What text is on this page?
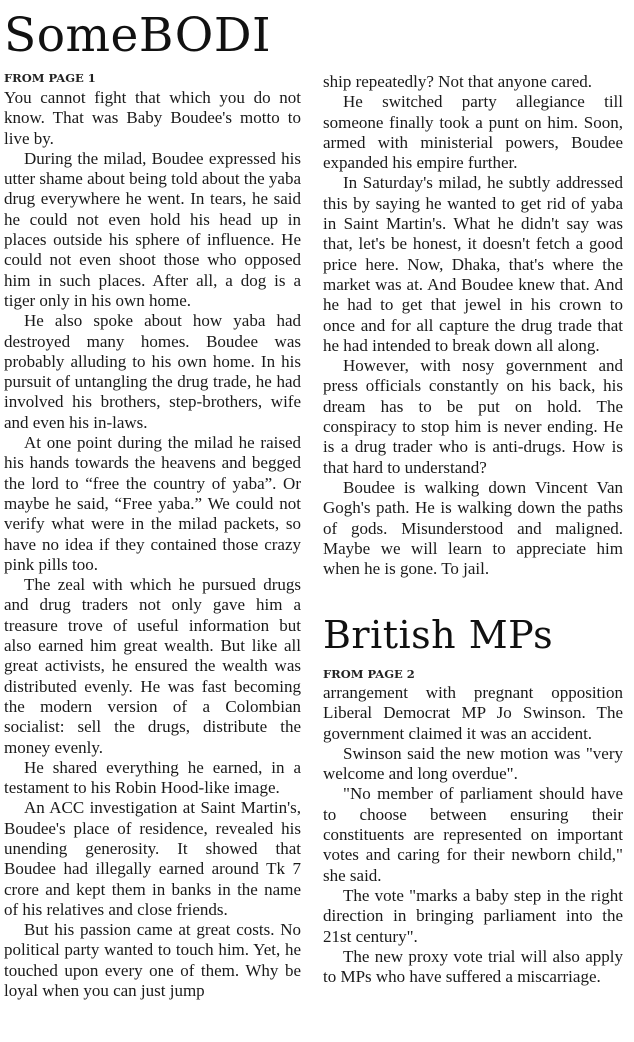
SomeBODI
FROM PAGE 1

You cannot fight that which you do not know. That was Baby Boudee's motto to live by.

During the milad, Boudee expressed his utter shame about being told about the yaba drug everywhere he went. In tears, he said he could not even hold his head up in places outside his sphere of influence. He could not even shoot those who opposed him in such places. After all, a dog is a tiger only in his own home.

He also spoke about how yaba had destroyed many homes. Boudee was probably alluding to his own home. In his pursuit of untangling the drug trade, he had involved his brothers, step-brothers, wife and even his in-laws.

At one point during the milad he raised his hands towards the heavens and begged the lord to “free the country of yaba”. Or maybe he said, “Free yaba.” We could not verify what were in the milad packets, so have no idea if they contained those crazy pink pills too.

The zeal with which he pursued drugs and drug traders not only gave him a treasure trove of useful information but also earned him great wealth. But like all great activists, he ensured the wealth was distributed evenly. He was fast becoming the modern version of a Colombian socialist: sell the drugs, distribute the money evenly.

He shared everything he earned, in a testament to his Robin Hood-like image.

An ACC investigation at Saint Martin's, Boudee's place of residence, revealed his unending generosity. It showed that Boudee had illegally earned around Tk 7 crore and kept them in banks in the name of his relatives and close friends.

But his passion came at great costs. No political party wanted to touch him. Yet, he touched upon every one of them. Why be loyal when you can just jump

ship repeatedly? Not that anyone cared.

He switched party allegiance till someone finally took a punt on him. Soon, armed with ministerial powers, Boudee expanded his empire further.

In Saturday's milad, he subtly addressed this by saying he wanted to get rid of yaba in Saint Martin's. What he didn't say was that, let's be honest, it doesn't fetch a good price here. Now, Dhaka, that's where the market was at. And Boudee knew that. And he had to get that jewel in his crown to once and for all capture the drug trade that he had intended to break down all along.

However, with nosy government and press officials constantly on his back, his dream has to be put on hold. The conspiracy to stop him is never ending. He is a drug trader who is anti-drugs. How is that hard to understand?

Boudee is walking down Vincent Van Gogh's path. He is walking down the paths of gods. Misunderstood and maligned. Maybe we will learn to appreciate him when he is gone. To jail.

British MPs
FROM PAGE 2

arrangement with pregnant opposition Liberal Democrat MP Jo Swinson. The government claimed it was an accident.

Swinson said the new motion was "very welcome and long overdue".

"No member of parliament should have to choose between ensuring their constituents are represented on important votes and caring for their newborn child," she said.

The vote "marks a baby step in the right direction in bringing parliament into the 21st century".

The new proxy vote trial will also apply to MPs who have suffered a miscarriage.
